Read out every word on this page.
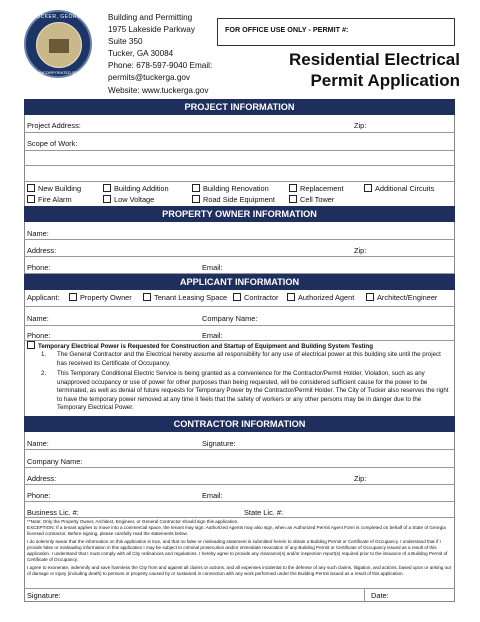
TUCKER, GEORGIA
INCORPORATED 2016
Building and Permitting
1975 Lakeside Parkway
Suite 350
Tucker, GA 30084
Phone: 678-597-9040 Email:
permits@tuckerga.gov
Website: www.tuckerga.gov
FOR OFFICE USE ONLY - PERMIT #:
Residential Electrical
Permit Application
PROJECT INFORMATION
Project Address:	Zip:
Scope of Work:
New Building	Building Addition	Building Renovation	Replacement	Additional Circuits
Fire Alarm	Low Voltage	Road Side Equipment	Cell Tower
PROPERTY OWNER INFORMATION
Name:
Address:	Zip:
Phone:	Email:
APPLICANT INFORMATION
Applicant:	Property Owner	Tenant Leasing Space	Contractor	Authorized Agent	Architect/Engineer
Name:	Company Name:
Phone:	Email:
Temporary Electrical Power is Requested for Construction and Startup of Equipment and Building System Testing
1. The General Contractor and the Electrical hereby assume all responsibility for any use of electrical power at this building site until the project has received its Certificate of Occupancy.
2. This Temporary Conditional Electric Service is being granted as a convenience for the Contractor/Permit Holder. Violation, such as any unapproved occupancy or use of power for other purposes than being requested, will be considered sufficient cause for the power to be terminated, as well as denial of future requests for Temporary Power by the Contractor/Permit Holder. The City of Tucker also reserves the right to have the temporary power removed at any time it feels that the safety of workers or any other persons may be in danger due to the Temporary Electrical Power.
CONTRACTOR INFORMATION
Name:	Signature:
Company Name:
Address:	Zip:
Phone:	Email:
Business Lic. #:	State Lic. #:
**Note: Only the Property Owner, Architect, Engineer, or General Contractor should sign this application.
EXCEPTION: If a tenant applies to move into a commercial space, the tenant may sign. Authorized Agents may also sign, when an Authorized Permit Agent Form is completed on behalf of a State of Georgia licensed contractor. Before signing, please carefully read the statements below.
I do solemnly swear that the information on this application is true, and that no false or misleading statement is submitted herein to obtain a Building Permit or Certificate of Occupancy. I understand that if I provide false or misleading information in this application I may be subject to criminal prosecution and/or immediate revocation of any Building Permit or Certificate of Occupancy issued as a result of this application. I understand that I must comply with all City ordinances and regulations. I hereby agree to provide any clearance(s) and/or inspection report(s) required prior to the issuance of a Building Permit of Certificate of Occupancy.
I agree to exonerate, indemnify and save harmless the City from and against all claims or actions, and all expenses incidental to the defense of any such claims, litigation, and actions, based upon or arising out of damage or injury (including death) to persons or property caused by or sustained in connection with any work performed under the Building Permit issued as a result of this application.
Signature:	Date:
